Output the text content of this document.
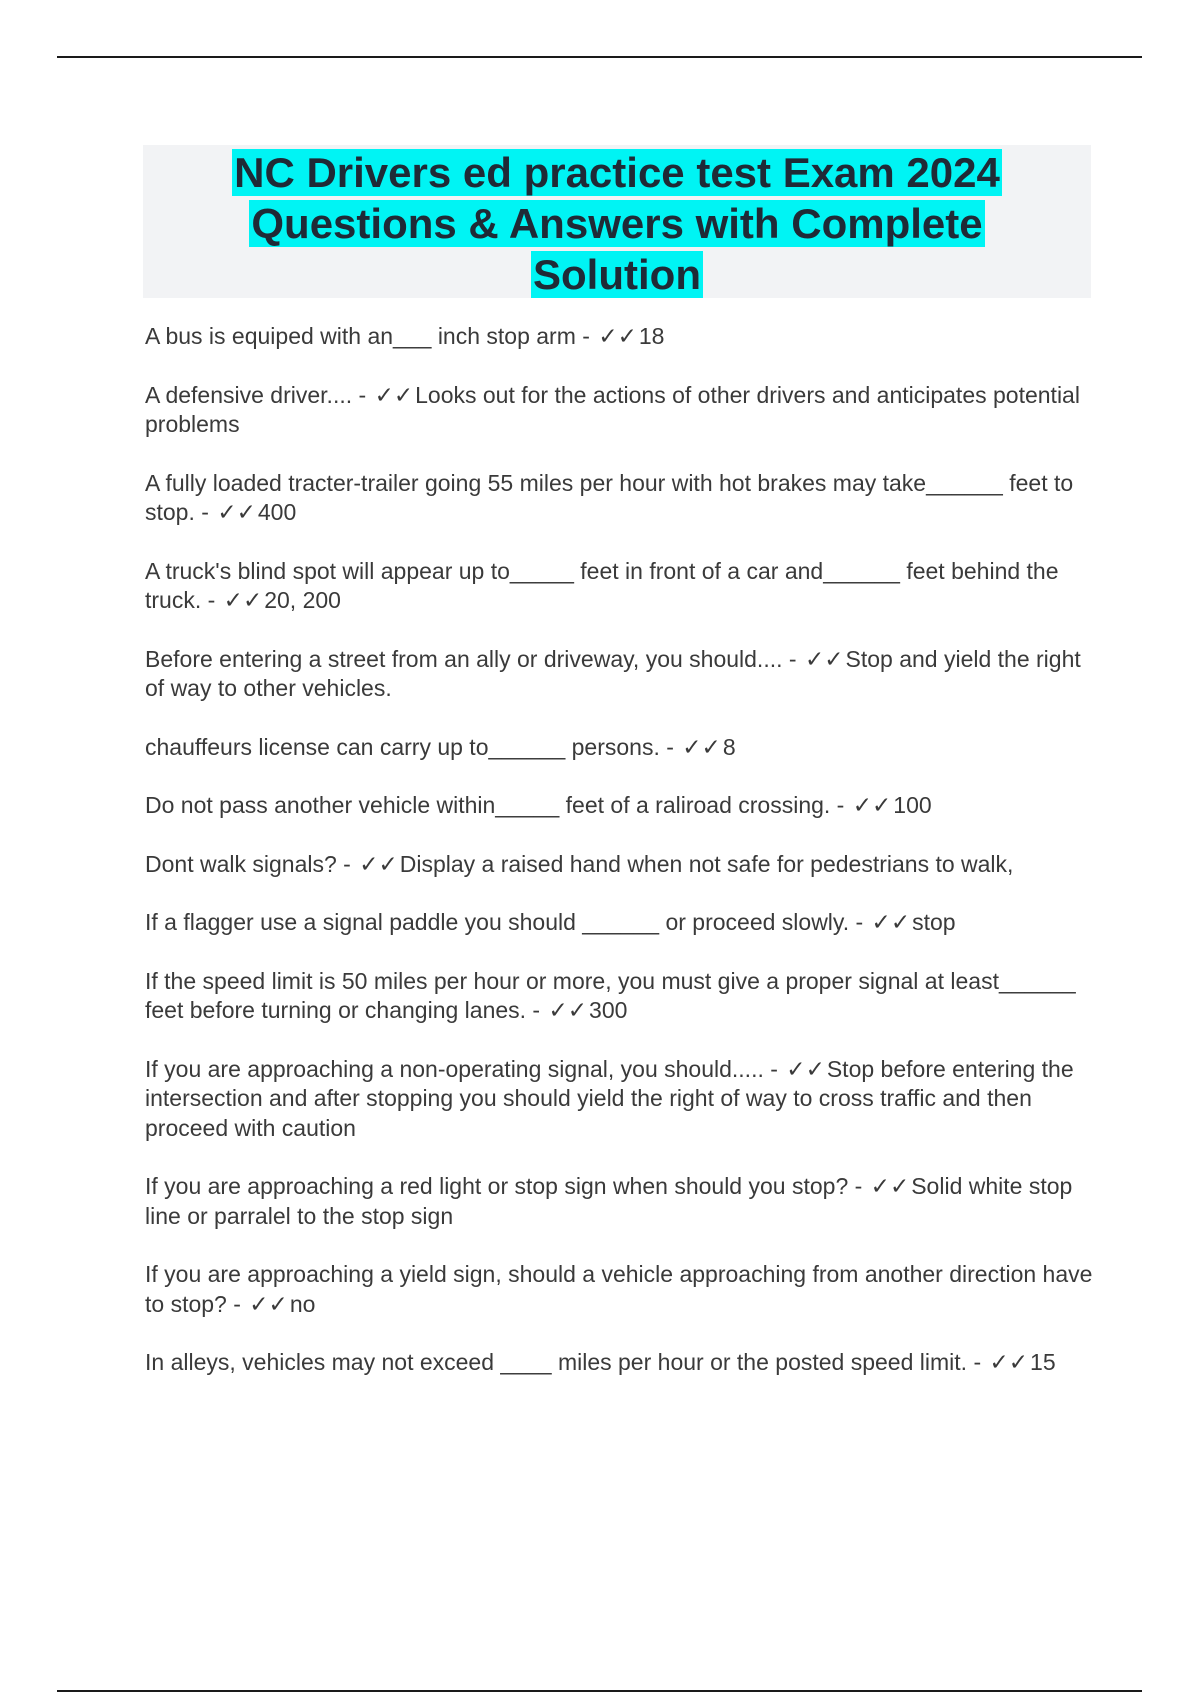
NC Drivers ed practice test Exam 2024
Questions & Answers with Complete
Solution
A bus is equiped with an___ inch stop arm - ✓✓18
A defensive driver.... - ✓✓Looks out for the actions of other drivers and anticipates potential problems
A fully loaded tracter-trailer going 55 miles per hour with hot brakes may take______ feet to stop. - ✓✓400
A truck's blind spot will appear up to_____ feet in front of a car and______ feet behind the truck. - ✓✓20, 200
Before entering a street from an ally or driveway, you should.... - ✓✓Stop and yield the right of way to other vehicles.
chauffeurs license can carry up to______ persons. - ✓✓8
Do not pass another vehicle within_____ feet of a raliroad crossing. - ✓✓100
Dont walk signals? - ✓✓Display a raised hand when not safe for pedestrians to walk,
If a flagger use a signal paddle you should ______ or proceed slowly. - ✓✓stop
If the speed limit is 50 miles per hour or more, you must give a proper signal at least______ feet before turning or changing lanes. - ✓✓300
If you are approaching a non-operating signal, you should..... - ✓✓Stop before entering the intersection and after stopping you should yield the right of way to cross traffic and then proceed with caution
If you are approaching a red light or stop sign when should you stop? - ✓✓Solid white stop line or parralel to the stop sign
If you are approaching a yield sign, should a vehicle approaching from another direction have to stop? - ✓✓no
In alleys, vehicles may not exceed ____ miles per hour or the posted speed limit. - ✓✓15
